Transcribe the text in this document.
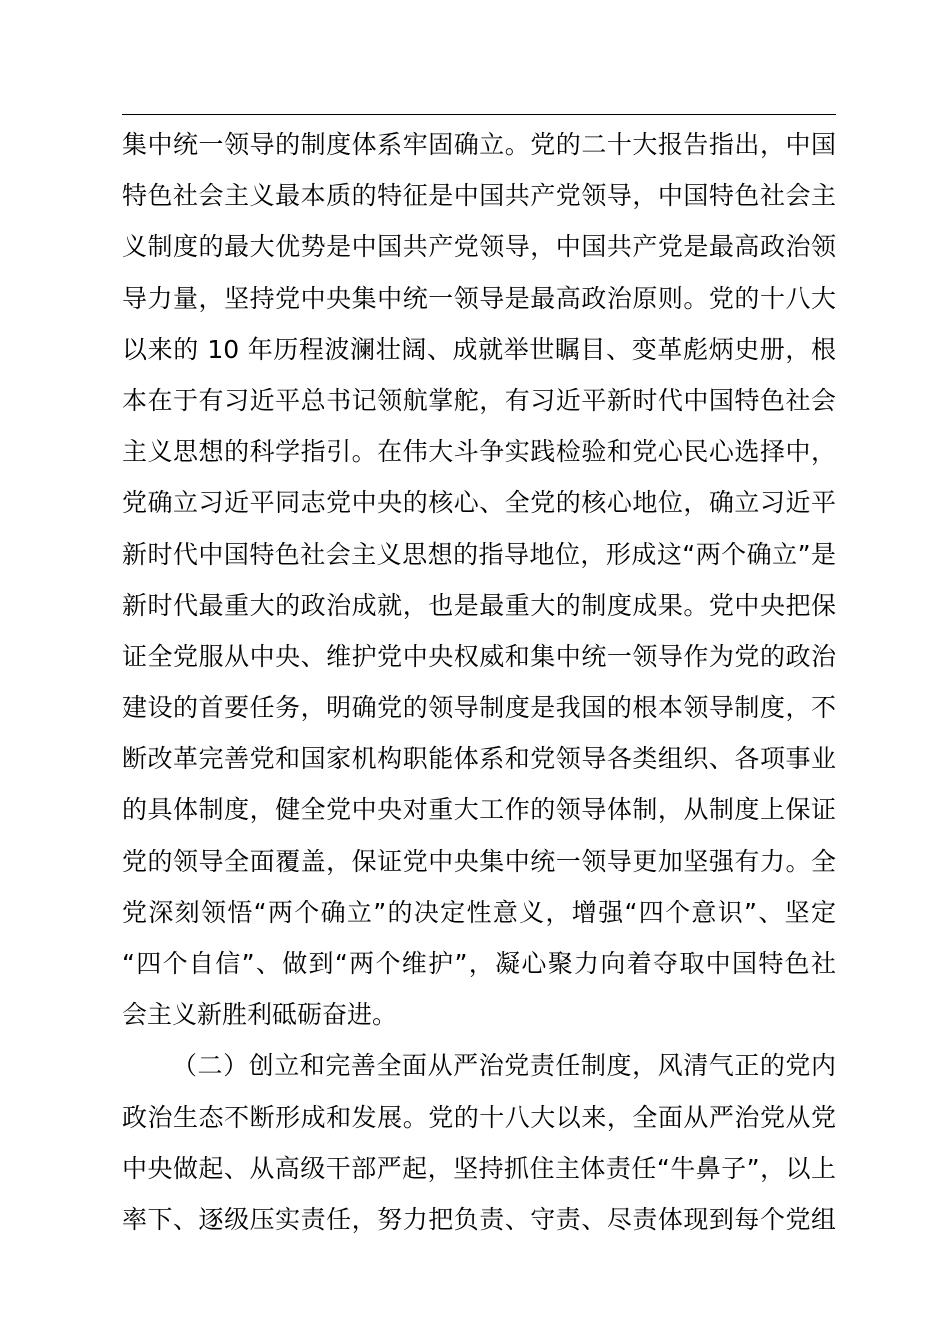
集中统一领导的制度体系牢固确立。党的二十大报告指出，中国
特色社会主义最本质的特征是中国共产党领导，中国特色社会主
义制度的最大优势是中国共产党领导，中国共产党是最高政治领
导力量，坚持党中央集中统一领导是最高政治原则。党的十八大
以来的 10 年历程波澜壮阔、成就举世瞩目、变革彪炳史册，根
本在于有习近平总书记领航掌舵，有习近平新时代中国特色社会
主义思想的科学指引。在伟大斗争实践检验和党心民心选择中，
党确立习近平同志党中央的核心、全党的核心地位，确立习近平
新时代中国特色社会主义思想的指导地位，形成这“两个确立”是
新时代最重大的政治成就，也是最重大的制度成果。党中央把保
证全党服从中央、维护党中央权威和集中统一领导作为党的政治
建设的首要任务，明确党的领导制度是我国的根本领导制度，不
断改革完善党和国家机构职能体系和党领导各类组织、各项事业
的具体制度，健全党中央对重大工作的领导体制，从制度上保证
党的领导全面覆盖，保证党中央集中统一领导更加坚强有力。全
党深刻领悟“两个确立”的决定性意义，增强“四个意识”、坚定
“四个自信”、做到“两个维护”，凝心聚力向着夺取中国特色社
会主义新胜利砥砺奋进。
（二）创立和完善全面从严治党责任制度，风清气正的党内
政治生态不断形成和发展。党的十八大以来，全面从严治党从党
中央做起、从高级干部严起，坚持抓住主体责任“牛鼻子”，以上
率下、逐级压实责任，努力把负责、守责、尽责体现到每个党组
